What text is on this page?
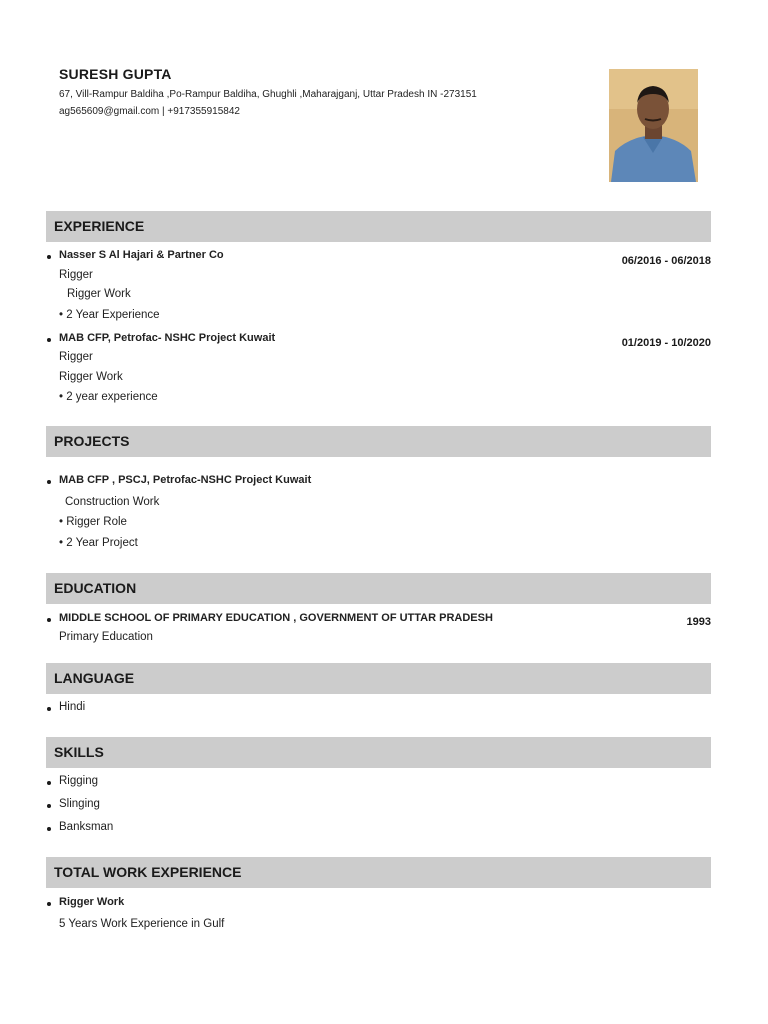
SURESH GUPTA
67, Vill-Rampur Baldiha ,Po-Rampur Baldiha, Ghughli ,Maharajganj, Uttar Pradesh IN -273151
ag565609@gmail.com | +917355915842
EXPERIENCE
Nasser S Al Hajari & Partner Co	06/2016 - 06/2018
Rigger
Rigger Work
• 2 Year Experience
MAB CFP, Petrofac- NSHC Project Kuwait	01/2019 - 10/2020
Rigger
Rigger Work
• 2 year experience
PROJECTS
MAB CFP , PSCJ, Petrofac-NSHC Project Kuwait
Construction Work
• Rigger Role
• 2 Year Project
EDUCATION
MIDDLE SCHOOL OF PRIMARY EDUCATION , GOVERNMENT OF UTTAR PRADESH	1993
Primary Education
LANGUAGE
Hindi
SKILLS
Rigging
Slinging
Banksman
TOTAL WORK EXPERIENCE
Rigger Work
5 Years Work Experience in Gulf
